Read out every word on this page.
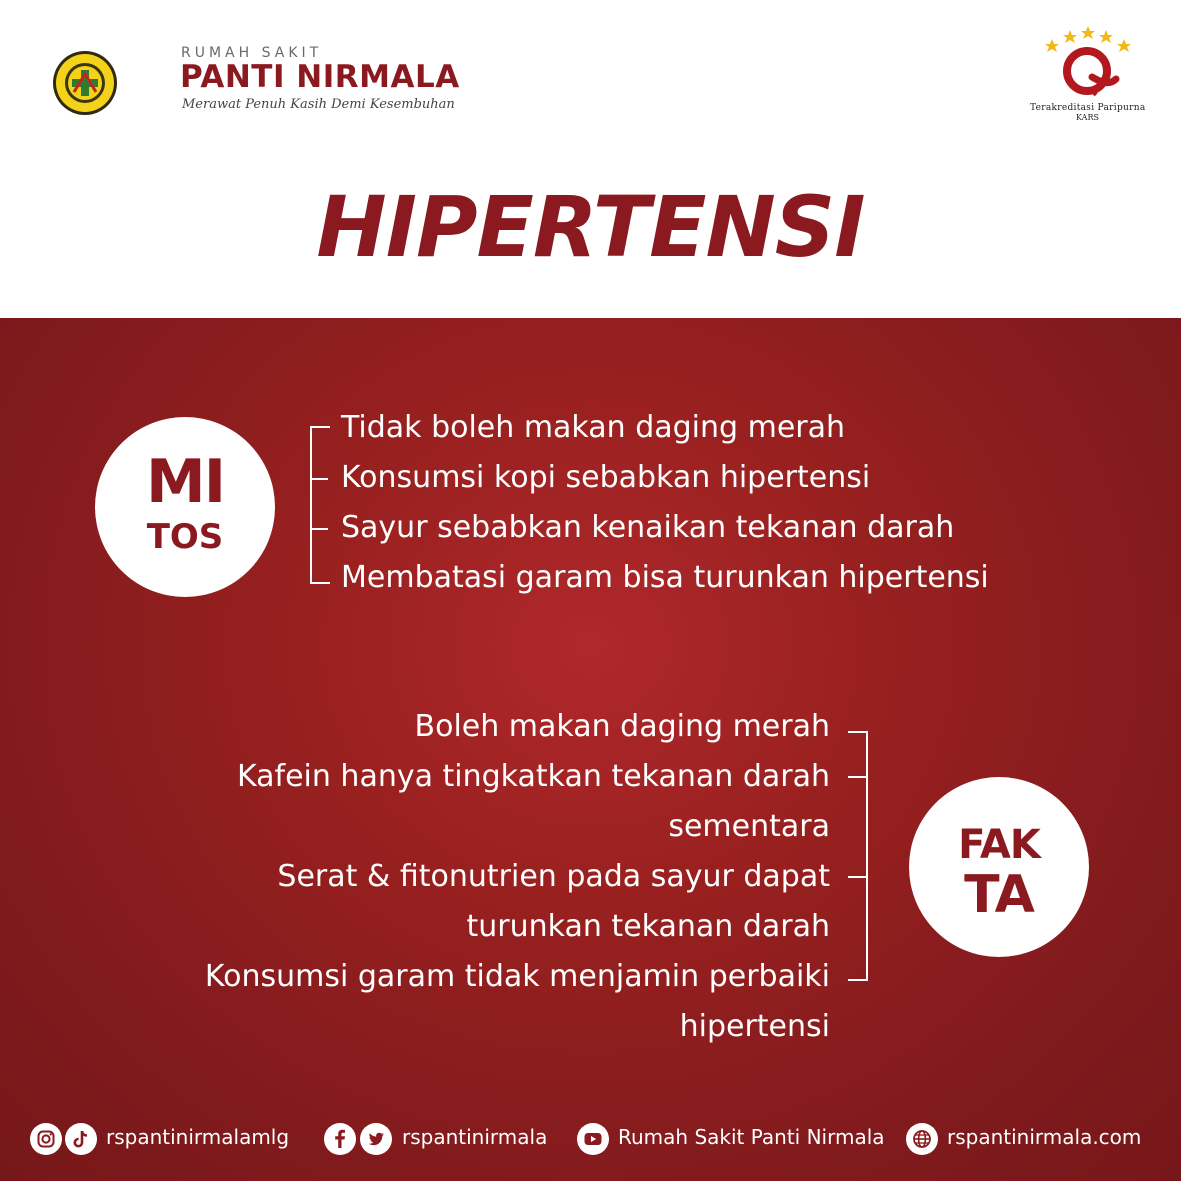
RUMAH SAKIT
PANTI NIRMALA
Merawat Penuh Kasih Demi Kesembuhan	Terakreditasi Paripurna
KARS
HIPERTENSI
MI
TOS
Tidak boleh makan daging merah
Konsumsi kopi sebabkan hipertensi
Sayur sebabkan kenaikan tekanan darah
Membatasi garam bisa turunkan hipertensi
Boleh makan daging merah
Kafein hanya tingkatkan tekanan darah
sementara
Serat & fitonutrien pada sayur dapat
turunkan tekanan darah
Konsumsi garam tidak menjamin perbaiki
hipertensi
FAK
TA
rspantinirmalamlg	rspantinirmala	Rumah Sakit Panti Nirmala	rspantinirmala.com
